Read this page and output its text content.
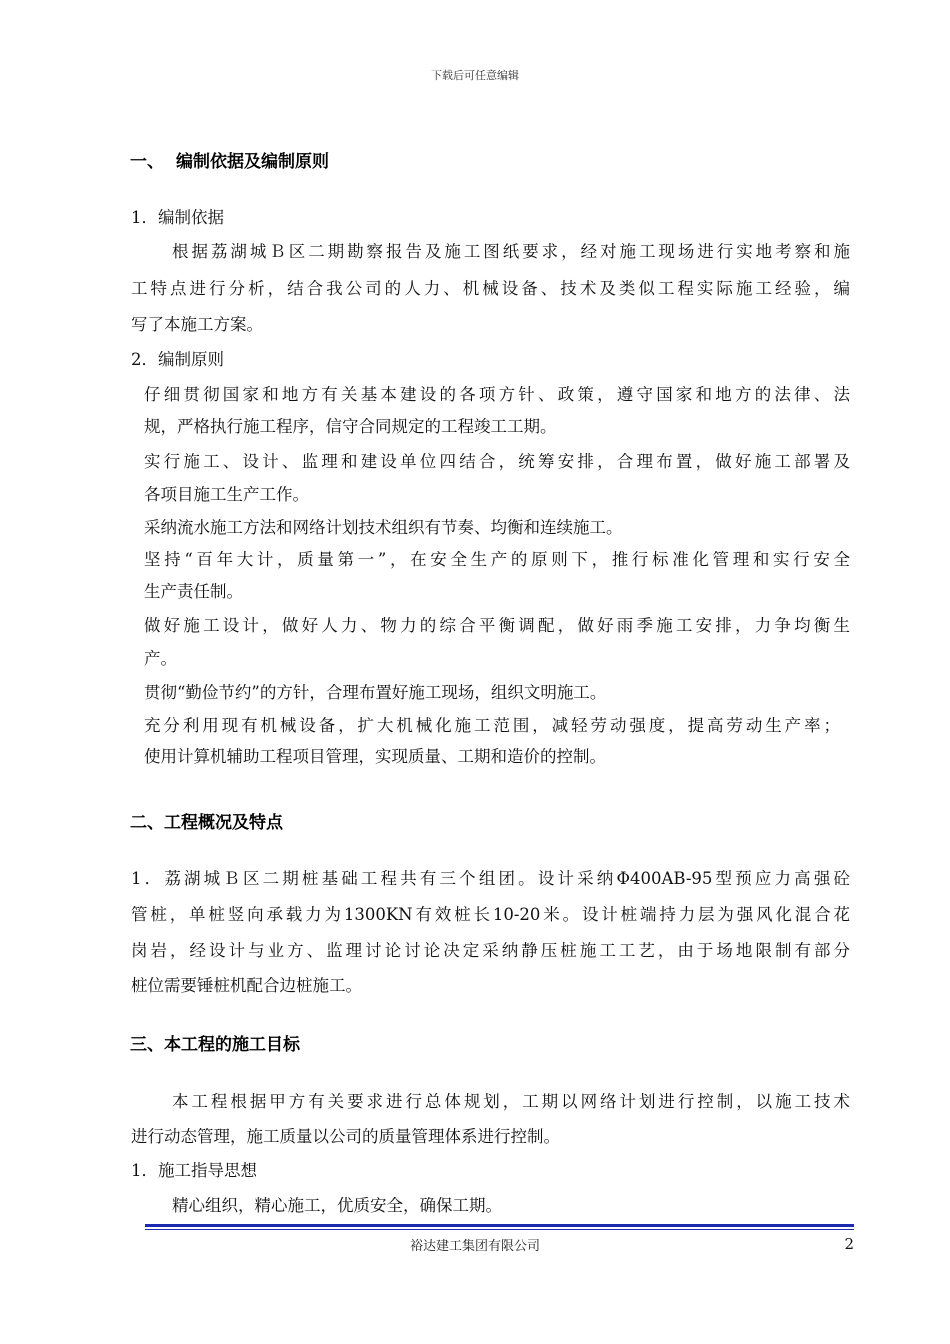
下载后可任意编辑
一、 编制依据及编制原则
1．编制依据
根据荔湖城Ｂ区二期勘察报告及施工图纸要求，经对施工现场进行实地考察和施
工特点进行分析，结合我公司的人力、机械设备、技术及类似工程实际施工经验，编
写了本施工方案。
2．编制原则
仔细贯彻国家和地方有关基本建设的各项方针、政策，遵守国家和地方的法律、法
规，严格执行施工程序，信守合同规定的工程竣工工期。
实行施工、设计、监理和建设单位四结合，统筹安排，合理布置，做好施工部署及
各项目施工生产工作。
采纳流水施工方法和网络计划技术组织有节奏、均衡和连续施工。
坚持“百年大计，质量第一”，在安全生产的原则下，推行标准化管理和实行安全
生产责任制。
做好施工设计，做好人力、物力的综合平衡调配，做好雨季施工安排，力争均衡生
产。
贯彻“勤俭节约”的方针，合理布置好施工现场，组织文明施工。
充分利用现有机械设备，扩大机械化施工范围，减轻劳动强度，提高劳动生产率；
使用计算机辅助工程项目管理，实现质量、工期和造价的控制。
二、工程概况及特点
1．荔湖城Ｂ区二期桩基础工程共有三个组团。设计采纳Φ400AB-95型预应力高强砼
管桩，单桩竖向承载力为1300KN有效桩长10-20米。设计桩端持力层为强风化混合花
岗岩，经设计与业方、监理讨论讨论决定采纳静压桩施工工艺，由于场地限制有部分
桩位需要锤桩机配合边桩施工。
三、本工程的施工目标
本工程根据甲方有关要求进行总体规划，工期以网络计划进行控制，以施工技术
进行动态管理，施工质量以公司的质量管理体系进行控制。
1．施工指导思想
精心组织，精心施工，优质安全，确保工期。
裕达建工集团有限公司	2
